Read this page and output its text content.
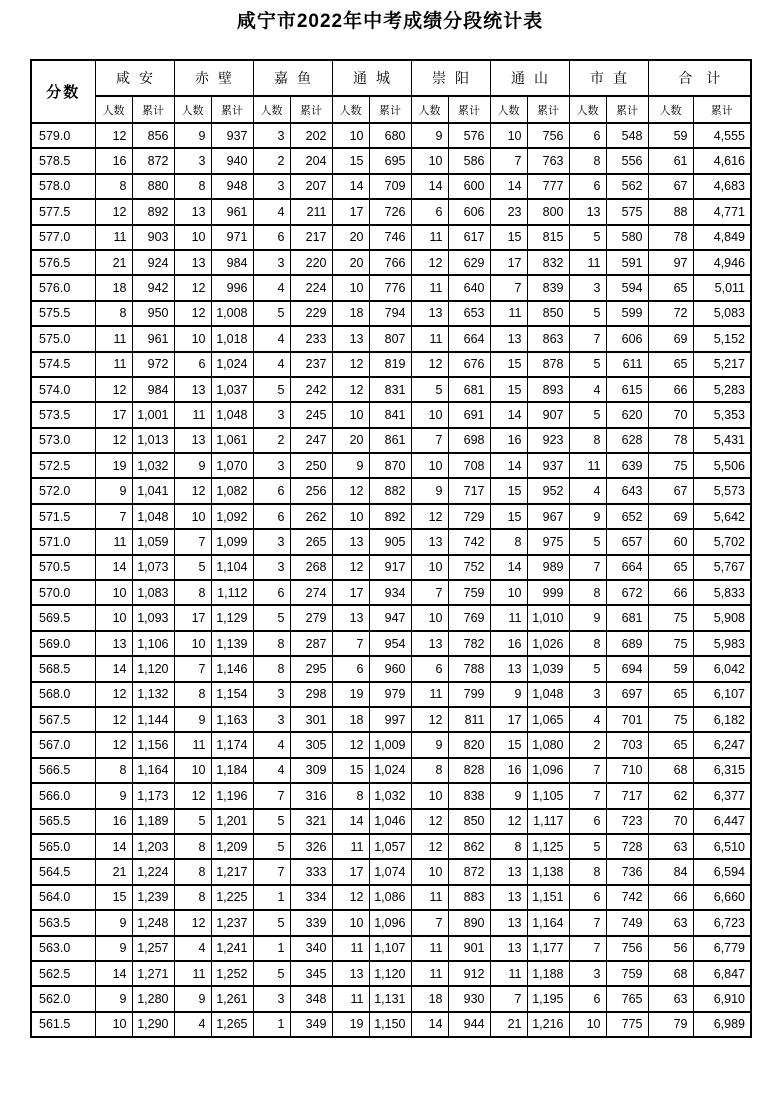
咸宁市2022年中考成绩分段统计表
分数	咸安		赤壁		嘉鱼		通城		崇阳		通山		市直		合计	
	人数	累计	人数	累计	人数	累计	人数	累计	人数	累计	人数	累计	人数	累计	人数	累计
579.0	12	856	9	937	3	202	10	680	9	576	10	756	6	548	59	4,555
578.5	16	872	3	940	2	204	15	695	10	586	7	763	8	556	61	4,616
578.0	8	880	8	948	3	207	14	709	14	600	14	777	6	562	67	4,683
577.5	12	892	13	961	4	211	17	726	6	606	23	800	13	575	88	4,771
577.0	11	903	10	971	6	217	20	746	11	617	15	815	5	580	78	4,849
576.5	21	924	13	984	3	220	20	766	12	629	17	832	11	591	97	4,946
576.0	18	942	12	996	4	224	10	776	11	640	7	839	3	594	65	5,011
575.5	8	950	12	1,008	5	229	18	794	13	653	11	850	5	599	72	5,083
575.0	11	961	10	1,018	4	233	13	807	11	664	13	863	7	606	69	5,152
574.5	11	972	6	1,024	4	237	12	819	12	676	15	878	5	611	65	5,217
574.0	12	984	13	1,037	5	242	12	831	5	681	15	893	4	615	66	5,283
573.5	17	1,001	11	1,048	3	245	10	841	10	691	14	907	5	620	70	5,353
573.0	12	1,013	13	1,061	2	247	20	861	7	698	16	923	8	628	78	5,431
572.5	19	1,032	9	1,070	3	250	9	870	10	708	14	937	11	639	75	5,506
572.0	9	1,041	12	1,082	6	256	12	882	9	717	15	952	4	643	67	5,573
571.5	7	1,048	10	1,092	6	262	10	892	12	729	15	967	9	652	69	5,642
571.0	11	1,059	7	1,099	3	265	13	905	13	742	8	975	5	657	60	5,702
570.5	14	1,073	5	1,104	3	268	12	917	10	752	14	989	7	664	65	5,767
570.0	10	1,083	8	1,112	6	274	17	934	7	759	10	999	8	672	66	5,833
569.5	10	1,093	17	1,129	5	279	13	947	10	769	11	1,010	9	681	75	5,908
569.0	13	1,106	10	1,139	8	287	7	954	13	782	16	1,026	8	689	75	5,983
568.5	14	1,120	7	1,146	8	295	6	960	6	788	13	1,039	5	694	59	6,042
568.0	12	1,132	8	1,154	3	298	19	979	11	799	9	1,048	3	697	65	6,107
567.5	12	1,144	9	1,163	3	301	18	997	12	811	17	1,065	4	701	75	6,182
567.0	12	1,156	11	1,174	4	305	12	1,009	9	820	15	1,080	2	703	65	6,247
566.5	8	1,164	10	1,184	4	309	15	1,024	8	828	16	1,096	7	710	68	6,315
566.0	9	1,173	12	1,196	7	316	8	1,032	10	838	9	1,105	7	717	62	6,377
565.5	16	1,189	5	1,201	5	321	14	1,046	12	850	12	1,117	6	723	70	6,447
565.0	14	1,203	8	1,209	5	326	11	1,057	12	862	8	1,125	5	728	63	6,510
564.5	21	1,224	8	1,217	7	333	17	1,074	10	872	13	1,138	8	736	84	6,594
564.0	15	1,239	8	1,225	1	334	12	1,086	11	883	13	1,151	6	742	66	6,660
563.5	9	1,248	12	1,237	5	339	10	1,096	7	890	13	1,164	7	749	63	6,723
563.0	9	1,257	4	1,241	1	340	11	1,107	11	901	13	1,177	7	756	56	6,779
562.5	14	1,271	11	1,252	5	345	13	1,120	11	912	11	1,188	3	759	68	6,847
562.0	9	1,280	9	1,261	3	348	11	1,131	18	930	7	1,195	6	765	63	6,910
561.5	10	1,290	4	1,265	1	349	19	1,150	14	944	21	1,216	10	775	79	6,989
